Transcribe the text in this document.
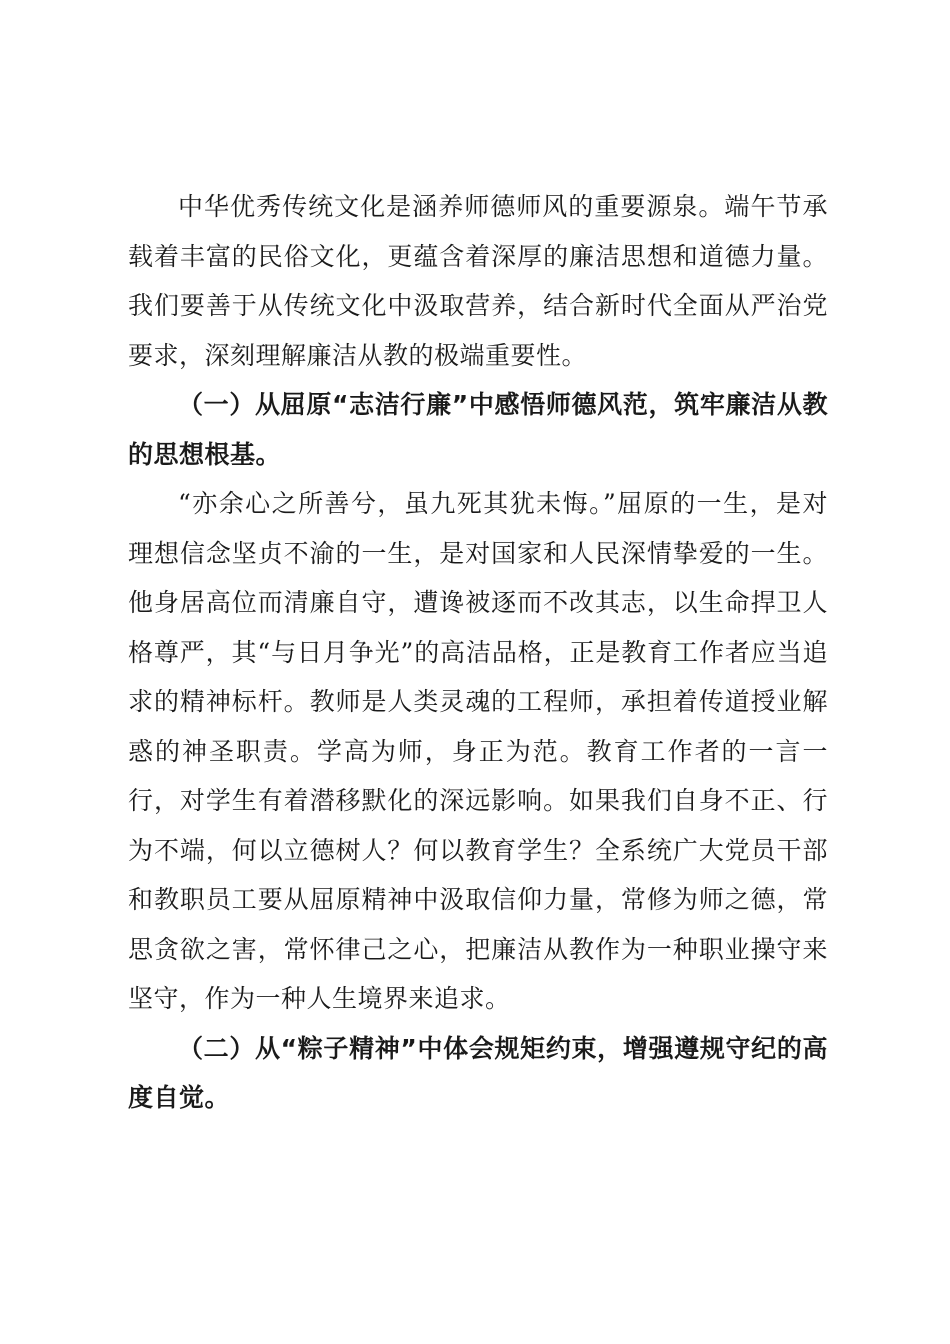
中华优秀传统文化是涵养师德师风的重要源泉。端午节承载着丰富的民俗文化，更蕴含着深厚的廉洁思想和道德力量。我们要善于从传统文化中汲取营养，结合新时代全面从严治党要求，深刻理解廉洁从教的极端重要性。

（一）从屈原“志洁行廉”中感悟师德风范，筑牢廉洁从教的思想根基。

“亦余心之所善兮，虽九死其犹未悔。”屈原的一生，是对理想信念坚贞不渝的一生，是对国家和人民深情挚爱的一生。他身居高位而清廉自守，遭谗被逐而不改其志，以生命捍卫人格尊严，其“与日月争光”的高洁品格，正是教育工作者应当追求的精神标杆。教师是人类灵魂的工程师，承担着传道授业解惑的神圣职责。学高为师，身正为范。教育工作者的一言一行，对学生有着潜移默化的深远影响。如果我们自身不正、行为不端，何以立德树人？何以教育学生？全系统广大党员干部和教职员工要从屈原精神中汲取信仰力量，常修为师之德，常思贪欲之害，常怀律己之心，把廉洁从教作为一种职业操守来坚守，作为一种人生境界来追求。

（二）从“粽子精神”中体会规矩约束，增强遵规守纪的高度自觉。
